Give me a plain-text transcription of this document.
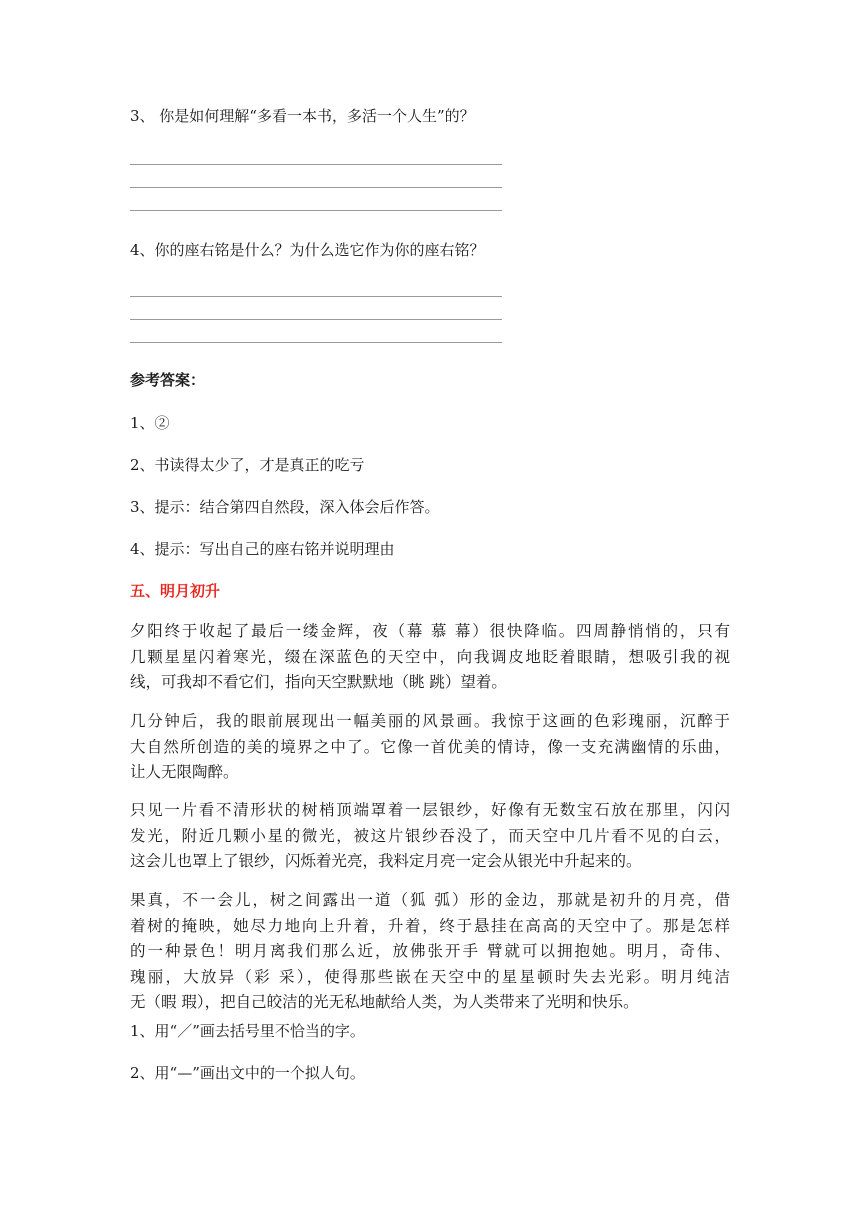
3、 你是如何理解“多看一本书，多活一个人生”的？
4、你的座右铭是什么？为什么选它作为你的座右铭？
参考答案：
1、②
2、书读得太少了，才是真正的吃亏
3、提示：结合第四自然段，深入体会后作答。
4、提示：写出自己的座右铭并说明理由
五、明月初升
夕阳终于收起了最后一缕金辉，夜（幕 慕 幕）很快降临。四周静悄悄的，只有
几颗星星闪着寒光，缀在深蓝色的天空中，向我调皮地眨着眼睛，想吸引我的视
线，可我却不看它们，指向天空默默地（眺 跳）望着。
几分钟后，我的眼前展现出一幅美丽的风景画。我惊于这画的色彩瑰丽，沉醉于
大自然所创造的美的境界之中了。它像一首优美的情诗，像一支充满幽情的乐曲，
让人无限陶醉。
只见一片看不清形状的树梢顶端罩着一层银纱，好像有无数宝石放在那里，闪闪
发光，附近几颗小星的微光，被这片银纱吞没了，而天空中几片看不见的白云，
这会儿也罩上了银纱，闪烁着光亮，我料定月亮一定会从银光中升起来的。
果真，不一会儿，树之间露出一道（狐 弧）形的金边，那就是初升的月亮，借
着树的掩映，她尽力地向上升着，升着，终于悬挂在高高的天空中了。那是怎样
的一种景色！明月离我们那么近，放佛张开手 臂就可以拥抱她。明月，奇伟、
瑰丽，大放异（彩 采），使得那些嵌在天空中的星星顿时失去光彩。明月纯洁
无（暇 瑕），把自己皎洁的光无私地献给人类，为人类带来了光明和快乐。
1、用“／”画去括号里不恰当的字。
2、用“—”画出文中的一个拟人句。
